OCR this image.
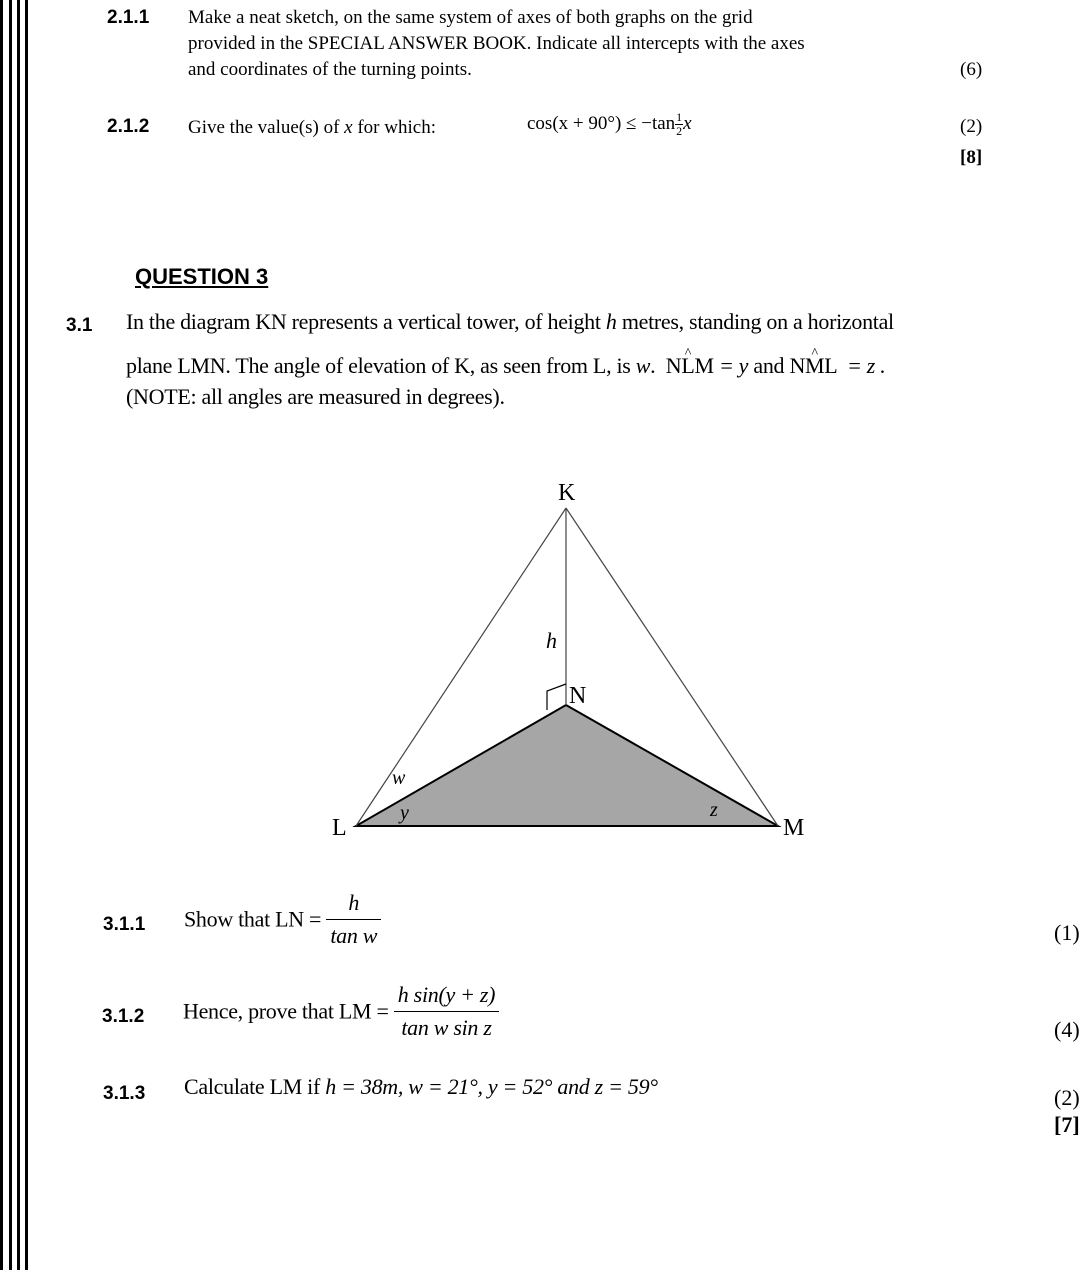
2.1.1 Make a neat sketch, on the same system of axes of both graphs on the grid
provided in the SPECIAL ANSWER BOOK. Indicate all intercepts with the axes
and coordinates of the turning points.	(6)
2.1.2 Give the value(s) of x for which:	$\cos(x + 90^\circ) \le -\tan \frac{1}{2}$ x	(2)
[8]
QUESTION 3
3.1 In the diagram KN represents a vertical tower, of height h metres, standing on a horizontal
plane LMN. The angle of elevation of K, as seen from L, is w.  N^ LM = y and N^ ML = z .
(NOTE: all angles are measured in degrees).
K
N
L	M
h
w
y	z
3.1.1 Show that LN = $\frac{h}{\text{tan w}}$	(1)
3.1.2 Hence, prove that LM = $\frac{\text{h sin(y + z)}}{\text{tan w sin z}}$	(4)
3.1.3 Calculate LM if h = 38m, w = 21°, y = 52° and z = 59°	(2)
[7]
